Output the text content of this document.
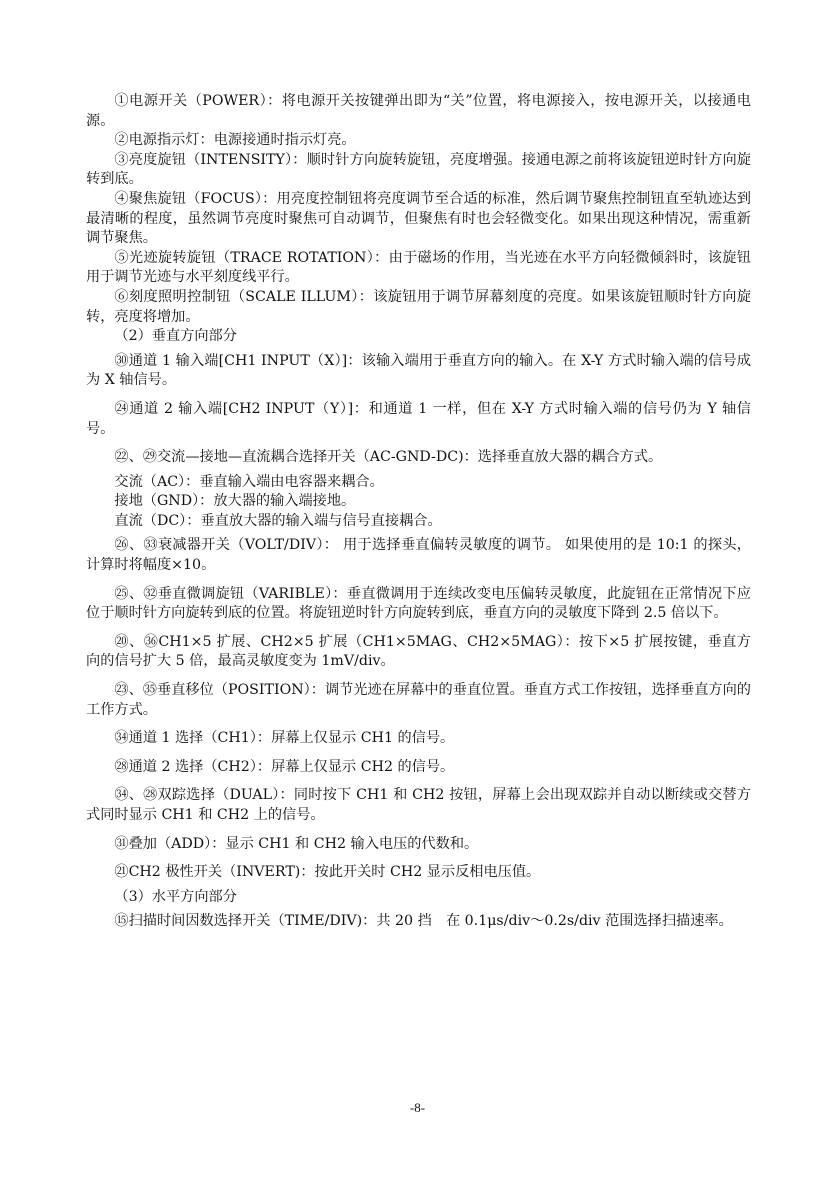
①电源开关（POWER）：将电源开关按键弹出即为“关”位置，将电源接入，按电源开关，以接通电源。

②电源指示灯：电源接通时指示灯亮。

③亮度旋钮（INTENSITY）：顺时针方向旋转旋钮，亮度增强。接通电源之前将该旋钮逆时针方向旋转到底。

④聚焦旋钮（FOCUS）：用亮度控制钮将亮度调节至合适的标准，然后调节聚焦控制钮直至轨迹达到最清晰的程度，虽然调节亮度时聚焦可自动调节，但聚焦有时也会轻微变化。如果出现这种情况，需重新调节聚焦。

⑤光迹旋转旋钮（TRACE ROTATION）：由于磁场的作用，当光迹在水平方向轻微倾斜时，该旋钮用于调节光迹与水平刻度线平行。

⑥刻度照明控制钮（SCALE ILLUM）：该旋钮用于调节屏幕刻度的亮度。如果该旋钮顺时针方向旋转，亮度将增加。

（2）垂直方向部分

㉚通道 1 输入端[CH1 INPUT（X）]：该输入端用于垂直方向的输入。在 X-Y 方式时输入端的信号成为 X 轴信号。

㉔通道 2 输入端[CH2 INPUT（Y）]：和通道 1 一样，但在 X-Y 方式时输入端的信号仍为 Y 轴信号。

㉒、㉙交流—接地—直流耦合选择开关（AC-GND-DC)：选择垂直放大器的耦合方式。

交流（AC）：垂直输入端由电容器来耦合。

接地（GND）：放大器的输入端接地。

直流（DC）：垂直放大器的输入端与信号直接耦合。

㉖、㉝衰减器开关（VOLT/DIV）： 用于选择垂直偏转灵敏度的调节。 如果使用的是 10:1 的探头，计算时将幅度×10。

㉕、㉜垂直微调旋钮（VARIBLE）：垂直微调用于连续改变电压偏转灵敏度，此旋钮在正常情况下应位于顺时针方向旋转到底的位置。将旋钮逆时针方向旋转到底，垂直方向的灵敏度下降到 2.5 倍以下。

⑳、㊱CH1×5 扩展、CH2×5 扩展（CH1×5MAG、CH2×5MAG）：按下×5 扩展按键，垂直方向的信号扩大 5 倍，最高灵敏度变为 1mV/div。

㉓、㉟垂直移位（POSITION）：调节光迹在屏幕中的垂直位置。垂直方式工作按钮，选择垂直方向的工作方式。

㉞通道 1 选择（CH1）：屏幕上仅显示 CH1 的信号。

㉘通道 2 选择（CH2）：屏幕上仅显示 CH2 的信号。

㉞、㉘双踪选择（DUAL）：同时按下 CH1 和 CH2 按钮，屏幕上会出现双踪并自动以断续或交替方式同时显示 CH1 和 CH2 上的信号。

㉛叠加（ADD）：显示 CH1 和 CH2 输入电压的代数和。

㉑CH2 极性开关（INVERT)：按此开关时 CH2 显示反相电压值。

（3）水平方向部分

⑮扫描时间因数选择开关（TIME/DIV)：共 20 挡　在 0.1μs/div〜0.2s/div 范围选择扫描速率。

-8-
